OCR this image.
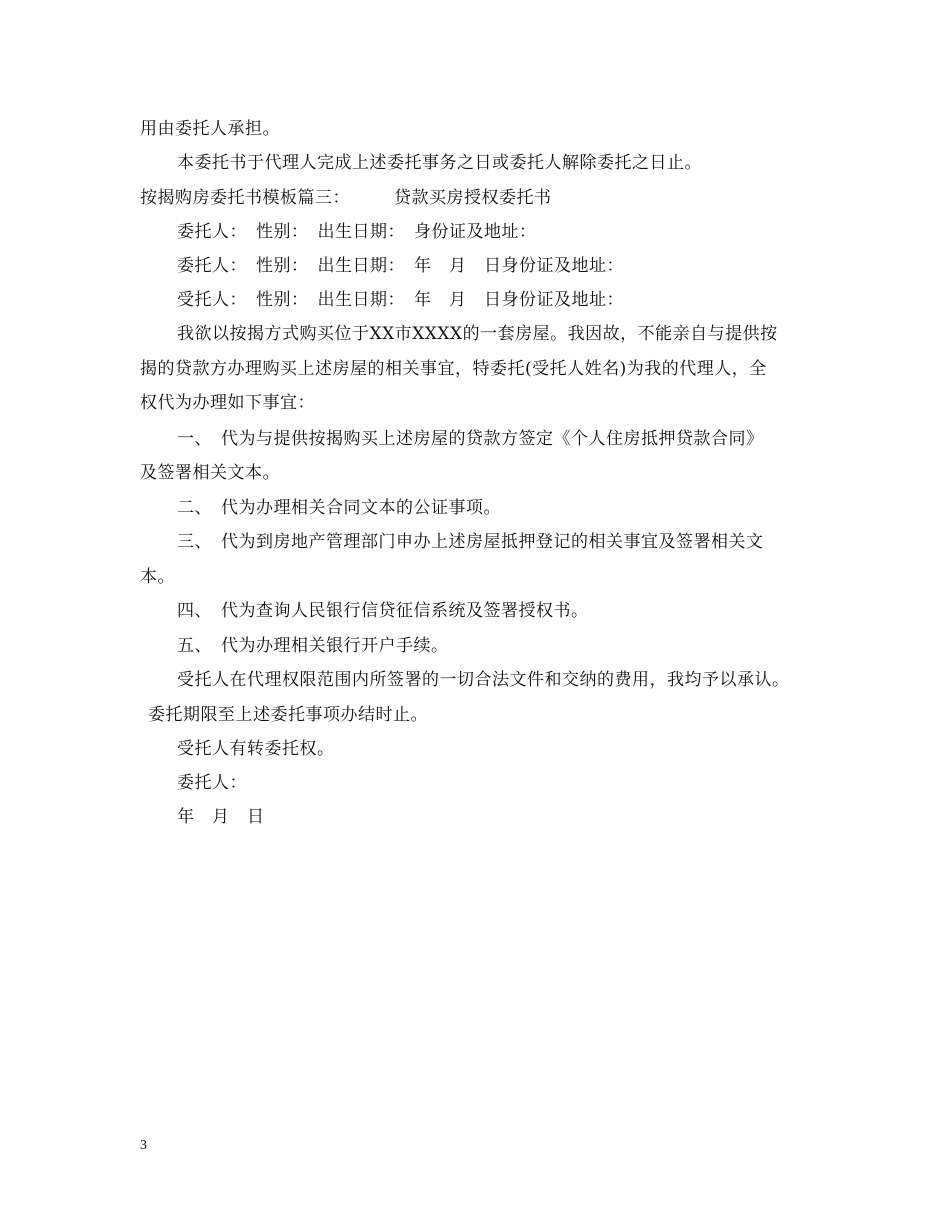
用由委托人承担。
本委托书于代理人完成上述委托事务之日或委托人解除委托之日止。
按揭购房委托书模板篇三：　　　贷款买房授权委托书
委托人：　性别：　出生日期：　身份证及地址：
委托人：　性别：　出生日期：　年　月　日身份证及地址：
受托人：　性别：　出生日期：　年　月　日身份证及地址：
我欲以按揭方式购买位于XX市XXXX的一套房屋。我因故，不能亲自与提供按
揭的贷款方办理购买上述房屋的相关事宜，特委托(受托人姓名)为我的代理人，全
权代为办理如下事宜：
一、　代为与提供按揭购买上述房屋的贷款方签定《个人住房抵押贷款合同》
及签署相关文本。
二、　代为办理相关合同文本的公证事项。
三、　代为到房地产管理部门申办上述房屋抵押登记的相关事宜及签署相关文
本。
四、　代为查询人民银行信贷征信系统及签署授权书。
五、　代为办理相关银行开户手续。
受托人在代理权限范围内所签署的一切合法文件和交纳的费用，我均予以承认。
委托期限至上述委托事项办结时止。
受托人有转委托权。
委托人：
年　月　日
3
